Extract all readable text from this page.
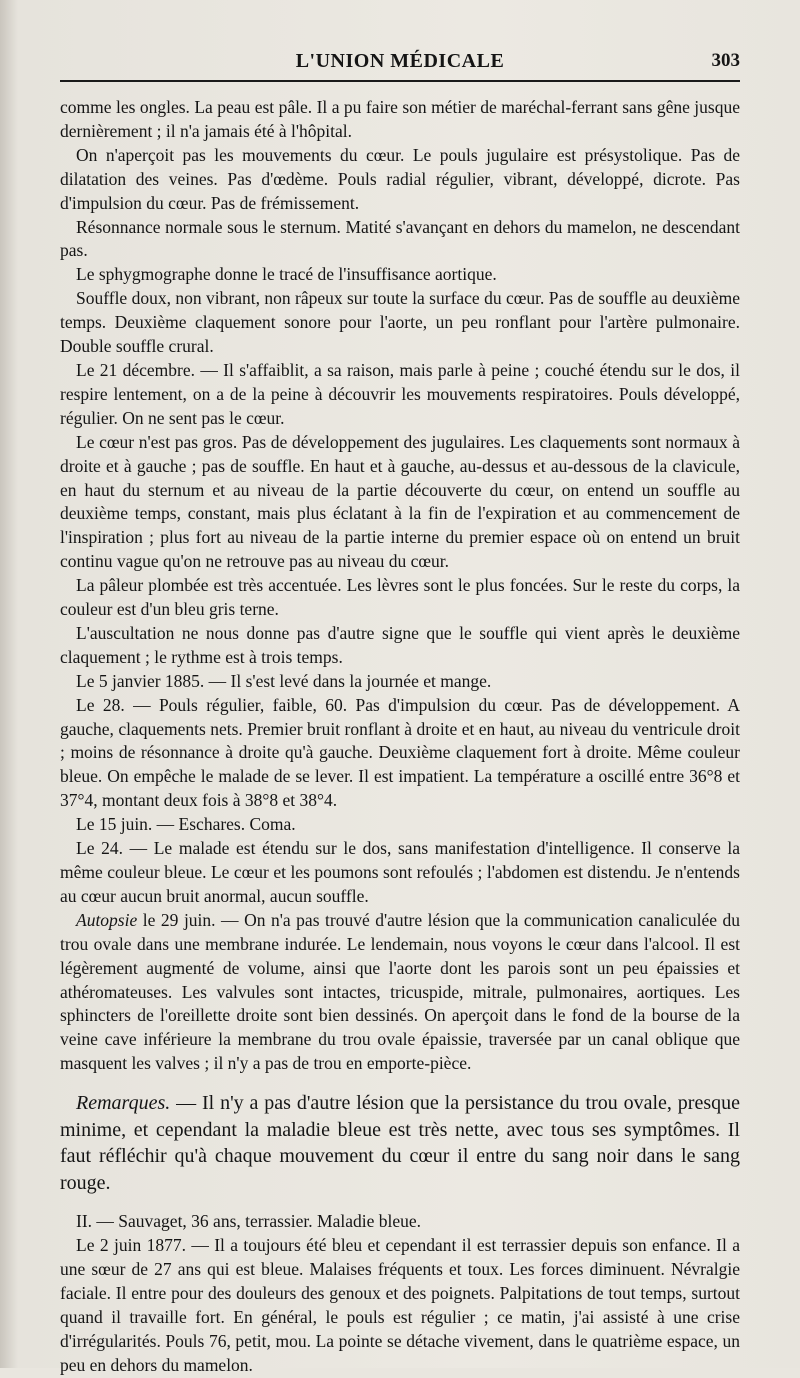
L'UNION MÉDICALE	303

comme les ongles. La peau est pâle. Il a pu faire son métier de maréchal-ferrant sans gêne jusque dernièrement ; il n'a jamais été à l'hôpital.

On n'aperçoit pas les mouvements du cœur. Le pouls jugulaire est présystolique. Pas de dilatation des veines. Pas d'œdème. Pouls radial régulier, vibrant, développé, dicrote. Pas d'impulsion du cœur. Pas de frémissement.

Résonnance normale sous le sternum. Matité s'avançant en dehors du mamelon, ne descendant pas.

Le sphygmographe donne le tracé de l'insuffisance aortique.

Souffle doux, non vibrant, non râpeux sur toute la surface du cœur. Pas de souffle au deuxième temps. Deuxième claquement sonore pour l'aorte, un peu ronflant pour l'artère pulmonaire. Double souffle crural.

Le 21 décembre. — Il s'affaiblit, a sa raison, mais parle à peine ; couché étendu sur le dos, il respire lentement, on a de la peine à découvrir les mouvements respiratoires. Pouls développé, régulier. On ne sent pas le cœur.

Le cœur n'est pas gros. Pas de développement des jugulaires. Les claquements sont normaux à droite et à gauche ; pas de souffle. En haut et à gauche, au-dessus et au-dessous de la clavicule, en haut du sternum et au niveau de la partie découverte du cœur, on entend un souffle au deuxième temps, constant, mais plus éclatant à la fin de l'expiration et au commencement de l'inspiration ; plus fort au niveau de la partie interne du premier espace où on entend un bruit continu vague qu'on ne retrouve pas au niveau du cœur.

La pâleur plombée est très accentuée. Les lèvres sont le plus foncées. Sur le reste du corps, la couleur est d'un bleu gris terne.

L'auscultation ne nous donne pas d'autre signe que le souffle qui vient après le deuxième claquement ; le rythme est à trois temps.

Le 5 janvier 1885. — Il s'est levé dans la journée et mange.

Le 28. — Pouls régulier, faible, 60. Pas d'impulsion du cœur. Pas de développement. A gauche, claquements nets. Premier bruit ronflant à droite et en haut, au niveau du ventricule droit ; moins de résonnance à droite qu'à gauche. Deuxième claquement fort à droite. Même couleur bleue. On empêche le malade de se lever. Il est impatient. La température a oscillé entre 36°8 et 37°4, montant deux fois à 38°8 et 38°4.

Le 15 juin. — Eschares. Coma.

Le 24. — Le malade est étendu sur le dos, sans manifestation d'intelligence. Il conserve la même couleur bleue. Le cœur et les poumons sont refoulés ; l'abdomen est distendu. Je n'entends au cœur aucun bruit anormal, aucun souffle.

Autopsie le 29 juin. — On n'a pas trouvé d'autre lésion que la communication canaliculée du trou ovale dans une membrane indurée. Le lendemain, nous voyons le cœur dans l'alcool. Il est légèrement augmenté de volume, ainsi que l'aorte dont les parois sont un peu épaissies et athéromateuses. Les valvules sont intactes, tricuspide, mitrale, pulmonaires, aortiques. Les sphincters de l'oreillette droite sont bien dessinés. On aperçoit dans le fond de la bourse de la veine cave inférieure la membrane du trou ovale épaissie, traversée par un canal oblique que masquent les valves ; il n'y a pas de trou en emporte-pièce.

Remarques. — Il n'y a pas d'autre lésion que la persistance du trou ovale, presque minime, et cependant la maladie bleue est très nette, avec tous ses symptômes. Il faut réfléchir qu'à chaque mouvement du cœur il entre du sang noir dans le sang rouge.

II. — Sauvaget, 36 ans, terrassier. Maladie bleue.

Le 2 juin 1877. — Il a toujours été bleu et cependant il est terrassier depuis son enfance. Il a une sœur de 27 ans qui est bleue. Malaises fréquents et toux. Les forces diminuent. Névralgie faciale. Il entre pour des douleurs des genoux et des poignets. Palpitations de tout temps, surtout quand il travaille fort. En général, le pouls est régulier ; ce matin, j'ai assisté à une crise d'irrégularités. Pouls 76, petit, mou. La pointe se détache vivement, dans le quatrième espace, un peu en dehors du mamelon.
